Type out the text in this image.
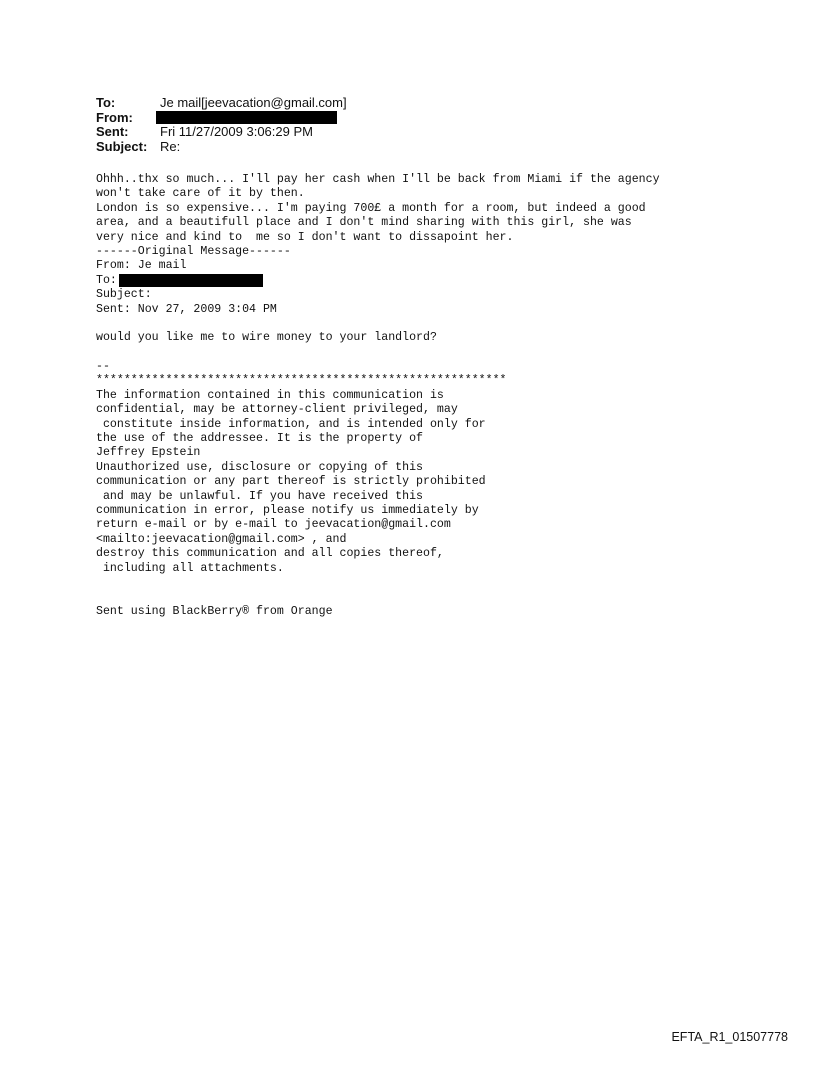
To:	Je mail[jeevacation@gmail.com]
From:
Sent:	Fri 11/27/2009 3:06:29 PM
Subject: Re:
Ohhh..thx so much... I'll pay her cash when I'll be back from Miami if the agency
won't take care of it by then.
London is so expensive... I'm paying 700£ a month for a room, but indeed a good
area, and a beautifull place and I don't mind sharing with this girl, she was
very nice and kind to  me so I don't want to dissapoint her.
------Original Message------
From: Je mail
To:
Subject:
Sent: Nov 27, 2009 3:04 PM
would you like me to wire money to your landlord?
--
***********************************************************
The information contained in this communication is
confidential, may be attorney-client privileged, may
constitute inside information, and is intended only for
the use of the addressee. It is the property of
Jeffrey Epstein
Unauthorized use, disclosure or copying of this
communication or any part thereof is strictly prohibited
and may be unlawful. If you have received this
communication in error, please notify us immediately by
return e-mail or by e-mail to jeevacation@gmail.com
<mailto:jeevacation@gmail.com> , and
destroy this communication and all copies thereof,
including all attachments.
Sent using BlackBerry® from Orange
EFTA_R1_01507778
